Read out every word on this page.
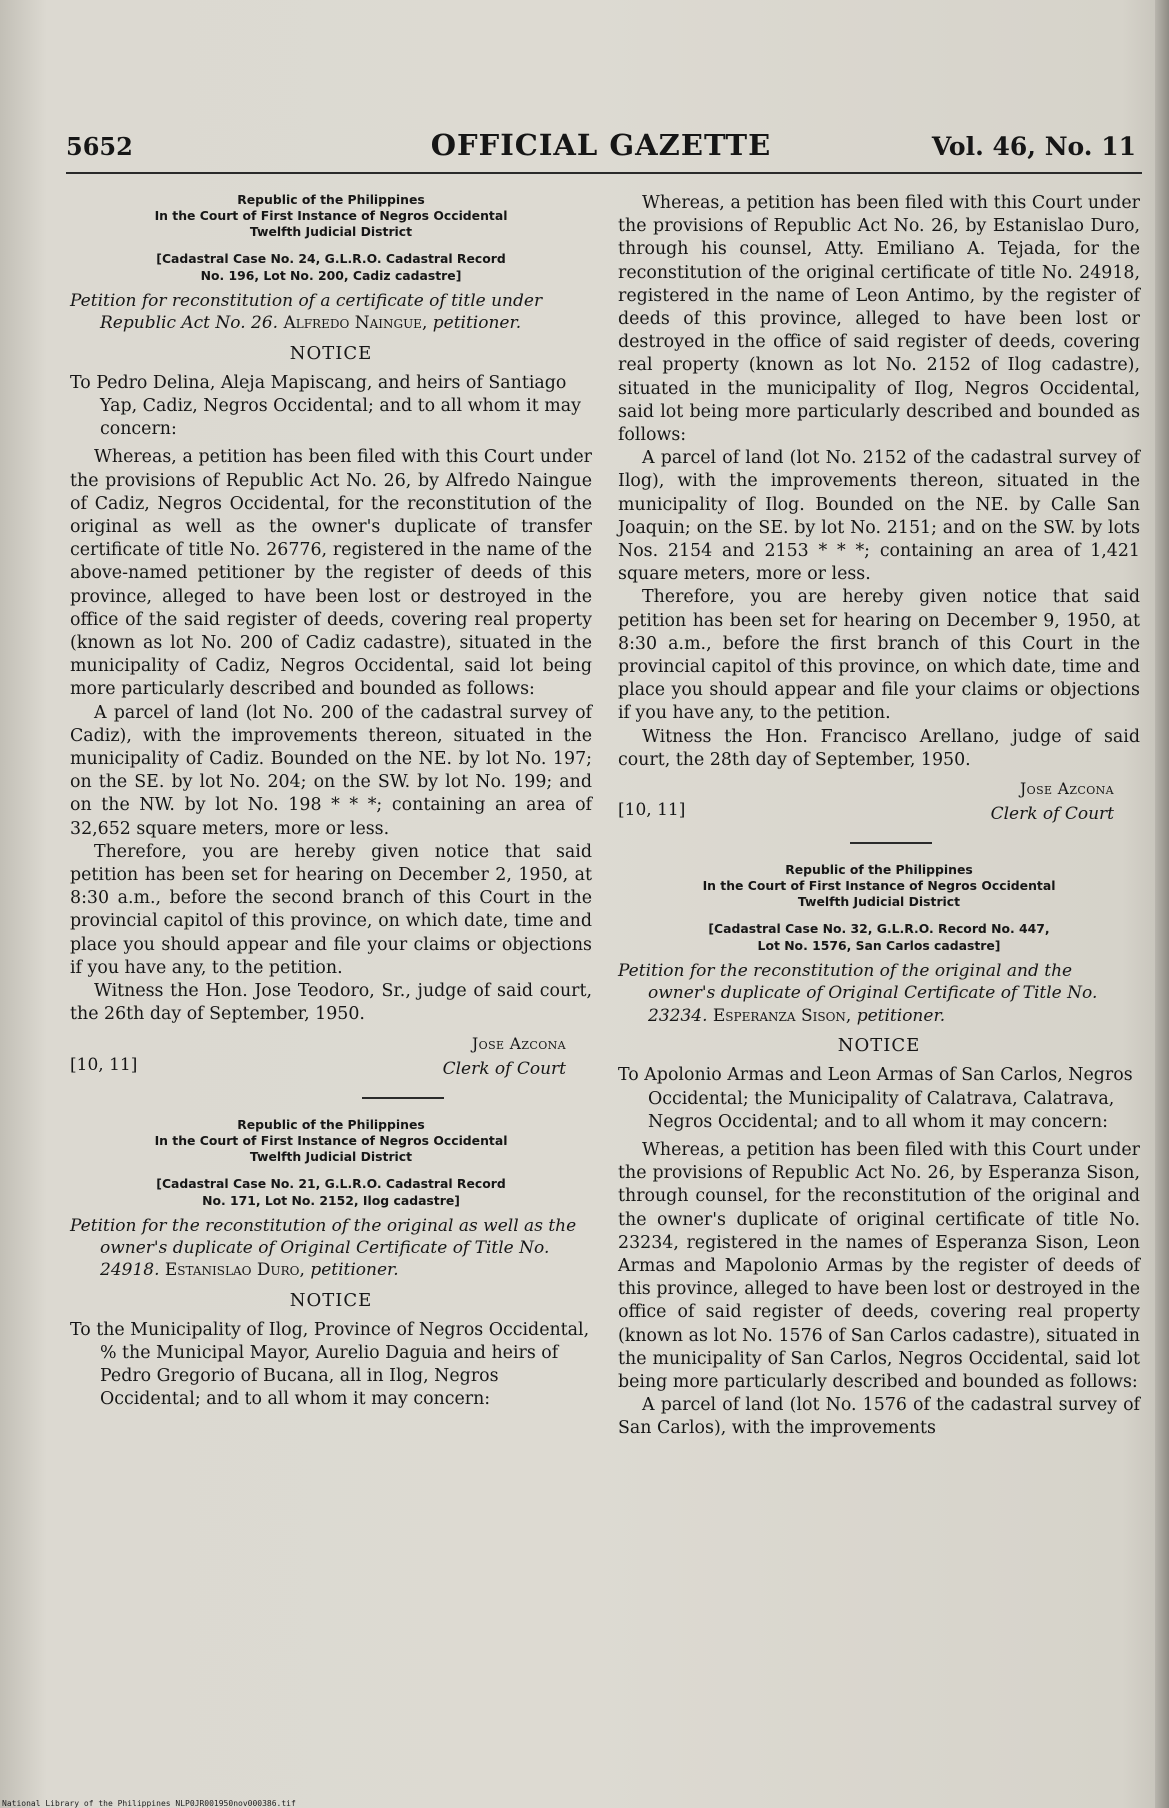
5652	OFFICIAL GAZETTE	Vol. 46, No. 11
Republic of the Philippines
In the Court of First Instance of Negros Occidental
Twelfth Judicial District
[Cadastral Case No. 24, G.L.R.O. Cadastral Record
No. 196, Lot No. 200, Cadiz cadastre]

Petition for reconstitution of a certificate of title under Republic Act No. 26. Alfredo Naingue, petitioner.

NOTICE

To Pedro Delina, Aleja Mapiscang, and heirs of Santiago Yap, Cadiz, Negros Occidental; and to all whom it may concern:

Whereas, a petition has been filed with this Court under the provisions of Republic Act No. 26, by Alfredo Naingue of Cadiz, Negros Occidental, for the reconstitution of the original as well as the owner's duplicate of transfer certificate of title No. 26776, registered in the name of the above-named petitioner by the register of deeds of this province, alleged to have been lost or destroyed in the office of the said register of deeds, covering real property (known as lot No. 200 of Cadiz cadastre), situated in the municipality of Cadiz, Negros Occidental, said lot being more particularly described and bounded as follows:

A parcel of land (lot No. 200 of the cadastral survey of Cadiz), with the improvements thereon, situated in the municipality of Cadiz. Bounded on the NE. by lot No. 197; on the SE. by lot No. 204; on the SW. by lot No. 199; and on the NW. by lot No. 198 * * *; containing an area of 32,652 square meters, more or less.

Therefore, you are hereby given notice that said petition has been set for hearing on December 2, 1950, at 8:30 a.m., before the second branch of this Court in the provincial capitol of this province, on which date, time and place you should appear and file your claims or objections if you have any, to the petition.

Witness the Hon. Jose Teodoro, Sr., judge of said court, the 26th day of September, 1950.

[10, 11]
Jose Azcona
Clerk of Court
Republic of the Philippines
In the Court of First Instance of Negros Occidental
Twelfth Judicial District
[Cadastral Case No. 21, G.L.R.O. Cadastral Record
No. 171, Lot No. 2152, Ilog cadastre]

Petition for the reconstitution of the original as well as the owner's duplicate of Original Certificate of Title No. 24918. Estanislao Duro, petitioner.

NOTICE

To the Municipality of Ilog, Province of Negros Occidental, % the Municipal Mayor, Aurelio Daguia and heirs of Pedro Gregorio of Bucana, all in Ilog, Negros Occidental; and to all whom it may concern:

Whereas, a petition has been filed with this Court under the provisions of Republic Act No. 26, by Estanislao Duro, through his counsel, Atty. Emiliano A. Tejada, for the reconstitution of the original certificate of title No. 24918, registered in the name of Leon Antimo, by the register of deeds of this province, alleged to have been lost or destroyed in the office of said register of deeds, covering real property (known as lot No. 2152 of Ilog cadastre), situated in the municipality of Ilog, Negros Occidental, said lot being more particularly described and bounded as follows:

A parcel of land (lot No. 2152 of the cadastral survey of Ilog), with the improvements thereon, situated in the municipality of Ilog. Bounded on the NE. by Calle San Joaquin; on the SE. by lot No. 2151; and on the SW. by lots Nos. 2154 and 2153 * * *; containing an area of 1,421 square meters, more or less.

Therefore, you are hereby given notice that said petition has been set for hearing on December 9, 1950, at 8:30 a.m., before the first branch of this Court in the provincial capitol of this province, on which date, time and place you should appear and file your claims or objections if you have any, to the petition.

Witness the Hon. Francisco Arellano, judge of said court, the 28th day of September, 1950.

[10, 11]
Jose Azcona
Clerk of Court
Republic of the Philippines
In the Court of First Instance of Negros Occidental
Twelfth Judicial District
[Cadastral Case No. 32, G.L.R.O. Record No. 447,
Lot No. 1576, San Carlos cadastre]

Petition for the reconstitution of the original and the owner's duplicate of Original Certificate of Title No. 23234. Esperanza Sison, petitioner.

NOTICE

To Apolonio Armas and Leon Armas of San Carlos, Negros Occidental; the Municipality of Calatrava, Calatrava, Negros Occidental; and to all whom it may concern:

Whereas, a petition has been filed with this Court under the provisions of Republic Act No. 26, by Esperanza Sison, through counsel, for the reconstitution of the original and the owner's duplicate of original certificate of title No. 23234, registered in the names of Esperanza Sison, Leon Armas and Mapolonio Armas by the register of deeds of this province, alleged to have been lost or destroyed in the office of said register of deeds, covering real property (known as lot No. 1576 of San Carlos cadastre), situated in the municipality of San Carlos, Negros Occidental, said lot being more particularly described and bounded as follows:

A parcel of land (lot No. 1576 of the cadastral survey of San Carlos), with the improvements

National Library of the Philippines NLP0JR001950nov000386.tif
